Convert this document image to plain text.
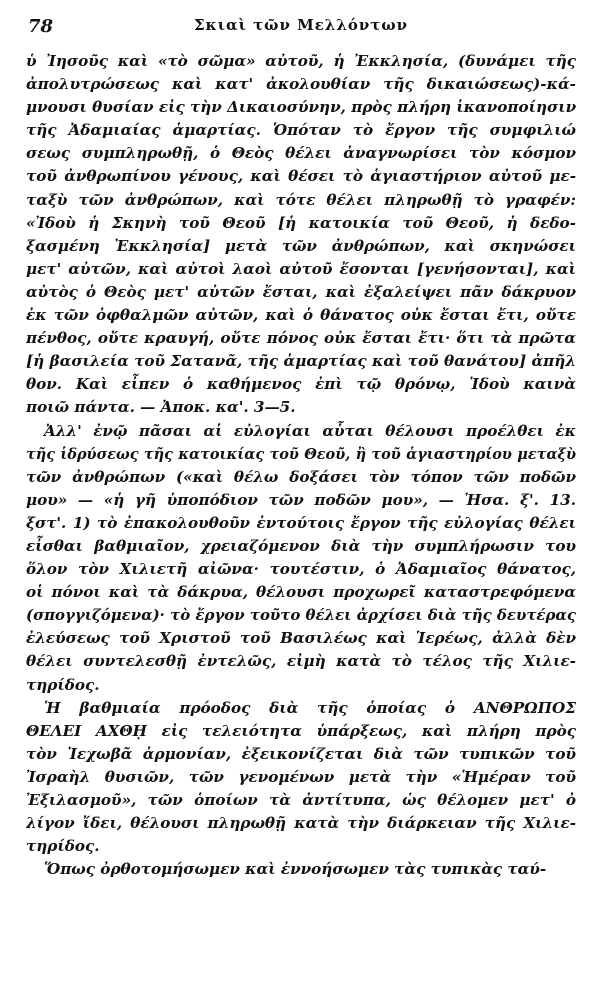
78	Σκιαὶ τῶν Μελλόντων
ὑ Ἰησοῦς καὶ «τὸ σῶμα» αὐτοῦ, ἡ Ἐκκλησία, (δυνάμει τῆς
ἀπολυτρώσεως καὶ κατ' ἀκολουθίαν τῆς δικαιώσεως)-κά-
μνουσι θυσίαν εἰς τὴν Δικαιοσύνην, πρὸς πλήρη ἱκανοποίησιν
τῆς Ἀδαμιαίας ἁμαρτίας. Ὁπόταν τὸ ἔργον τῆς συμφιλιώ
σεως συμπληρωθῇ, ὁ Θεὸς θέλει ἀναγνωρίσει τὸν κόσμον
τοῦ ἀνθρωπίνου γένους, καὶ θέσει τὸ ἁγιαστήριον αὐτοῦ με-
ταξὺ τῶν ἀνθρώπων, καὶ τότε θέλει πληρωθῇ τὸ γραφέν:
«Ἰδοὺ ἡ Σκηνὴ τοῦ Θεοῦ [ἡ κατοικία τοῦ Θεοῦ, ἡ δεδο-
ξασμένη Ἐκκλησία] μετὰ τῶν ἀνθρώπων, καὶ σκηνώσει
μετ' αὐτῶν, καὶ αὐτοὶ λαοὶ αὐτοῦ ἔσονται [γενήσονται], καὶ
αὐτὸς ὁ Θεὸς μετ' αὐτῶν ἔσται, καὶ ἐξαλείψει πᾶν δάκρυον
ἐκ τῶν ὀφθαλμῶν αὐτῶν, καὶ ὁ θάνατος οὐκ ἔσται ἔτι, οὔτε
πένθος, οὔτε κραυγή, οὔτε πόνος οὐκ ἔσται ἔτι· ὅτι τὰ πρῶτα
[ἡ βασιλεία τοῦ Σατανᾶ, τῆς ἁμαρτίας καὶ τοῦ θανάτου] ἀπῆλ
θον. Καὶ εἶπεν ὁ καθήμενος ἐπὶ τῷ θρόνῳ, Ἰδοὺ καινὰ
ποιῶ πάντα. — Ἀποκ. κα'. 3—5.
Ἀλλ' ἐνῷ πᾶσαι αἱ εὐλογίαι αὗται θέλουσι προέλθει ἐκ
τῆς ἱδρύσεως τῆς κατοικίας τοῦ Θεοῦ, ἢ τοῦ ἁγιαστηρίου μεταξὺ
τῶν ἀνθρώπων («καὶ θέλω δοξάσει τὸν τόπον τῶν ποδῶν
μου» — «ἡ γῆ ὑποπόδιον τῶν ποδῶν μου», — Ἡσα. ξ'. 13.
ξστ'. 1) τὸ ἐπακολουθοῦν ἐντούτοις ἔργον τῆς εὐλογίας θέλει
εἶσθαι βαθμιαῖον, χρειαζόμενον διὰ τὴν συμπλήρωσιν του
ὅλον τὸν Χιλιετῆ αἰῶνα· τουτέστιν, ὁ Ἀδαμιαῖος θάνατος,
οἱ πόνοι καὶ τὰ δάκρυα, θέλουσι προχωρεῖ καταστρεφόμενα
(σπογγιζόμενα)· τὸ ἔργον τοῦτο θέλει ἀρχίσει διὰ τῆς δευτέρας
ἐλεύσεως τοῦ Χριστοῦ τοῦ Βασιλέως καὶ Ἱερέως, ἀλλὰ δὲν
θέλει συντελεσθῇ ἐντελῶς, εἰμὴ κατὰ τὸ τέλος τῆς Χιλιε-
τηρίδος.
Ἡ βαθμιαία πρόοδος διὰ τῆς ὁποίας ὁ ΑΝΘΡΩΠΟΣ
ΘΕΛΕΙ ΑΧΘῌ εἰς τελειότητα ὑπάρξεως, καὶ πλήρη πρὸς
τὸν Ἰεχωβᾶ ἁρμονίαν, ἐξεικονίζεται διὰ τῶν τυπικῶν τοῦ
Ἰσραὴλ θυσιῶν, τῶν γενομένων μετὰ τὴν «Ἡμέραν τοῦ
Ἐξιλασμοῦ», τῶν ὁποίων τὰ ἀντίτυπα, ὡς θέλομεν μετ' ὀ
λίγον ἴδει, θέλουσι πληρωθῇ κατὰ τὴν διάρκειαν τῆς Χιλιε-
τηρίδος.
Ὅπως ὀρθοτομήσωμεν καὶ ἐννοήσωμεν τὰς τυπικὰς ταύ-
